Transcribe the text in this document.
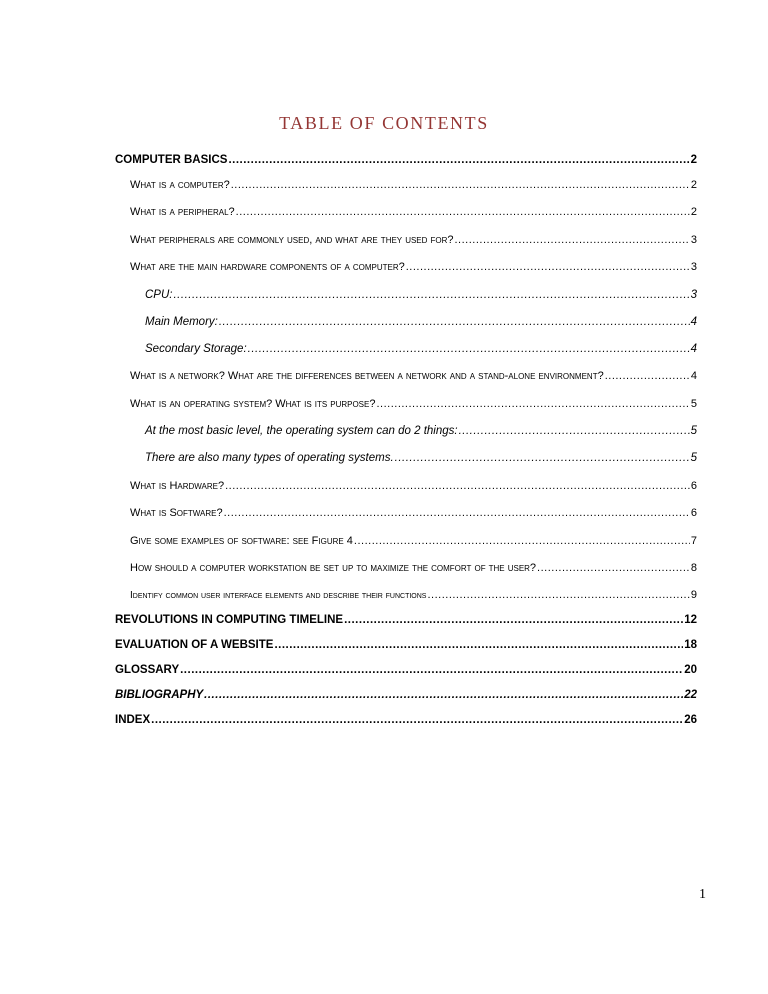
TABLE OF CONTENTS
COMPUTER BASICS .....	2
What is a computer? .....	2
What is a peripheral? .....	2
What peripherals are commonly used, and what are they used for? .....	3
What are the main hardware components of a computer? .....	3
CPU: .....	3
Main Memory: .....	4
Secondary Storage: .....	4
What is a network? What are the differences between a network and a stand-alone environment? .....	4
What is an operating system? What is its purpose? .....	5
At the most basic level, the operating system can do 2 things: .....	5
There are also many types of operating systems. .....	5
What is Hardware? .....	6
What is Software? .....	6
Give some examples of software: see Figure 4 .....	7
How should a computer workstation be set up to maximize the comfort of the user? .....	8
Identify common user interface elements and describe their functions .....	9
REVOLUTIONS IN COMPUTING TIMELINE .....	12
EVALUATION OF A WEBSITE .....	18
GLOSSARY .....	20
BIBLIOGRAPHY .....	22
INDEX .....	26
1
